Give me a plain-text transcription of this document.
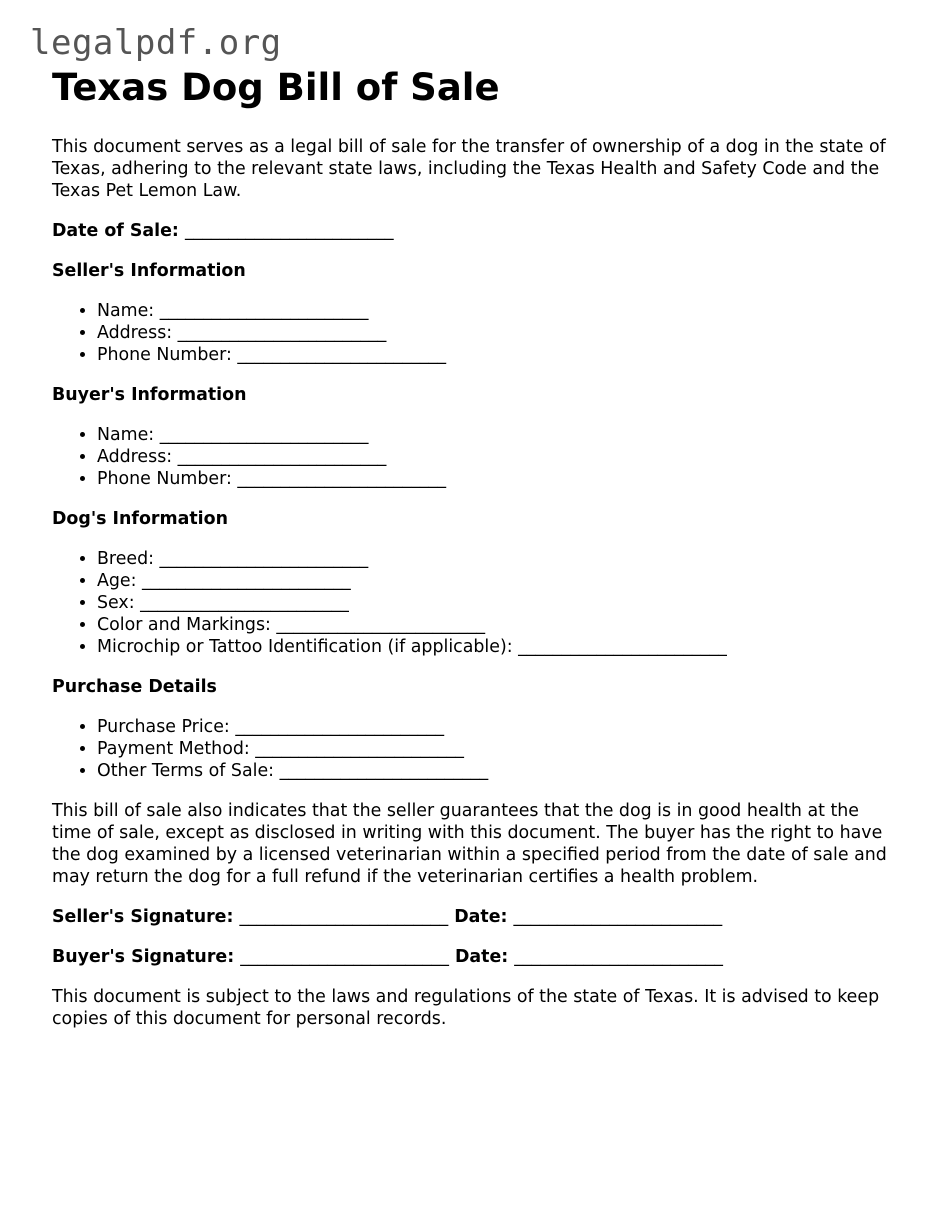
legalpdf.org
Texas Dog Bill of Sale

This document serves as a legal bill of sale for the transfer of ownership of a dog in the state of Texas, adhering to the relevant state laws, including the Texas Health and Safety Code and the Texas Pet Lemon Law.

Date of Sale: ________________________

Seller's Information
• Name: ________________________
• Address: ________________________
• Phone Number: ________________________
Buyer's Information
• Name: ________________________
• Address: ________________________
• Phone Number: ________________________
Dog's Information
• Breed: ________________________
• Age: ________________________
• Sex: ________________________
• Color and Markings: ________________________
• Microchip or Tattoo Identification (if applicable): ________________________
Purchase Details
• Purchase Price: ________________________
• Payment Method: ________________________
• Other Terms of Sale: ________________________

This bill of sale also indicates that the seller guarantees that the dog is in good health at the time of sale, except as disclosed in writing with this document. The buyer has the right to have the dog examined by a licensed veterinarian within a specified period from the date of sale and may return the dog for a full refund if the veterinarian certifies a health problem.

Seller's Signature: ________________________ Date: ________________________

Buyer's Signature: ________________________ Date: ________________________

This document is subject to the laws and regulations of the state of Texas. It is advised to keep copies of this document for personal records.
